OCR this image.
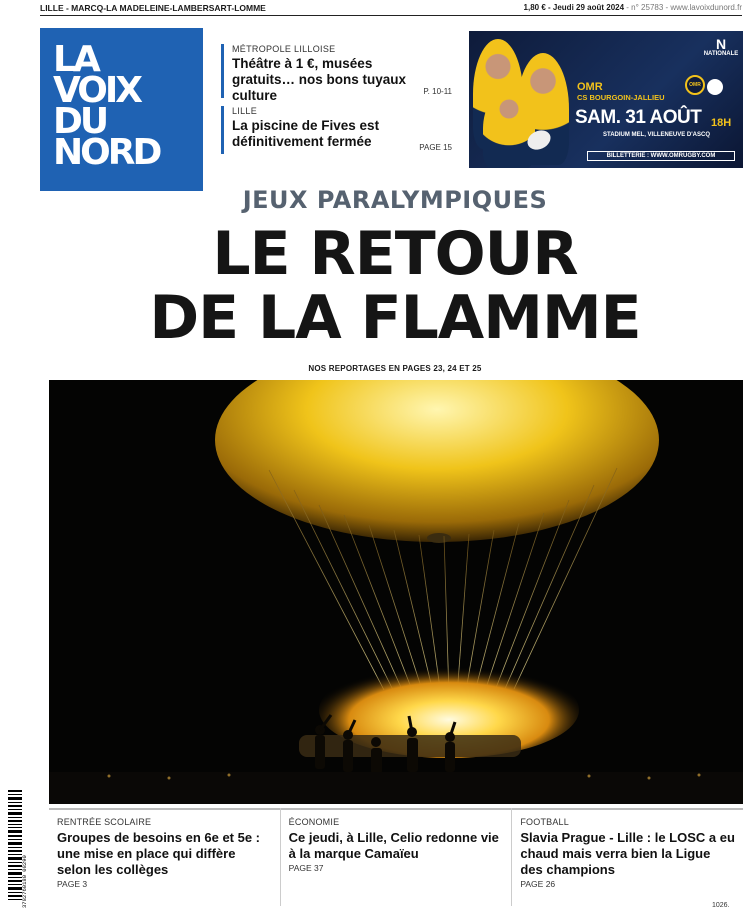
LILLE - MARCQ-LA MADELEINE-LAMBERSART-LOMME	1,80 € - Jeudi 29 août 2024 - n° 25783 - www.lavoixdunord.fr
LA
VOIX
DU
NORD
MÉTROPOLE LILLOISE
Théâtre à 1 €, musées gratuits… nos bons tuyaux culture	P. 10-11
LILLE
La piscine de Fives est définitivement fermée	PAGE 15
N
NATIONALE
OMR
OMR
CS BOURGOIN-JALLIEU
SAM. 31 AOÛT 18H
STADIUM MEL, VILLENEUVE D'ASCQ
BILLETTERIE : WWW.OMRUGBY.COM
JEUX PARALYMPIQUES
LE RETOUR
DE LA FLAMME
NOS REPORTAGES EN PAGES 23, 24 ET 25
3782760180 08290
RENTRÉE SCOLAIRE
Groupes de besoins en 6e et 5e : une mise en place qui diffère selon les collèges
PAGE 3
ÉCONOMIE
Ce jeudi, à Lille, Celio redonne vie à la marque Camaïeu
PAGE 37
FOOTBALL
Slavia Prague - Lille : le LOSC a eu chaud mais verra bien la Ligue des champions
PAGE 26
1026.
